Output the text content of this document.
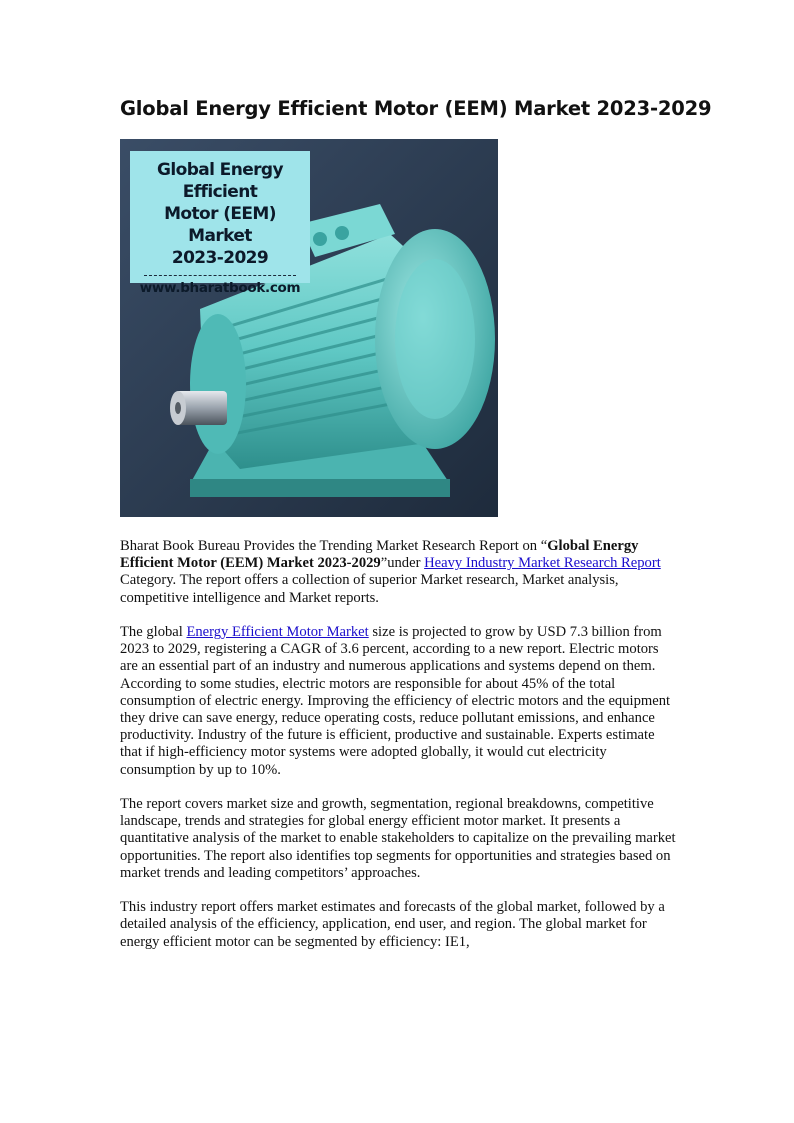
Global Energy Efficient Motor (EEM) Market 2023-2029
Global Energy Efficient
Motor (EEM) Market
2023-2029
www.bharatbook.com

Bharat Book Bureau Provides the Trending Market Research Report on “Global Energy Efficient Motor (EEM) Market 2023-2029”under Heavy Industry Market Research Report Category. The report offers a collection of superior Market research, Market analysis, competitive intelligence and Market reports.

The global Energy Efficient Motor Market size is projected to grow by USD 7.3 billion from 2023 to 2029, registering a CAGR of 3.6 percent, according to a new report. Electric motors are an essential part of an industry and numerous applications and systems depend on them. According to some studies, electric motors are responsible for about 45% of the total consumption of electric energy. Improving the efficiency of electric motors and the equipment they drive can save energy, reduce operating costs, reduce pollutant emissions, and enhance productivity. Industry of the future is efficient, productive and sustainable. Experts estimate that if high-efficiency motor systems were adopted globally, it would cut electricity consumption by up to 10%.

The report covers market size and growth, segmentation, regional breakdowns, competitive landscape, trends and strategies for global energy efficient motor market. It presents a quantitative analysis of the market to enable stakeholders to capitalize on the prevailing market opportunities. The report also identifies top segments for opportunities and strategies based on market trends and leading competitors’ approaches.

This industry report offers market estimates and forecasts of the global market, followed by a detailed analysis of the efficiency, application, end user, and region. The global market for energy efficient motor can be segmented by efficiency: IE1,
